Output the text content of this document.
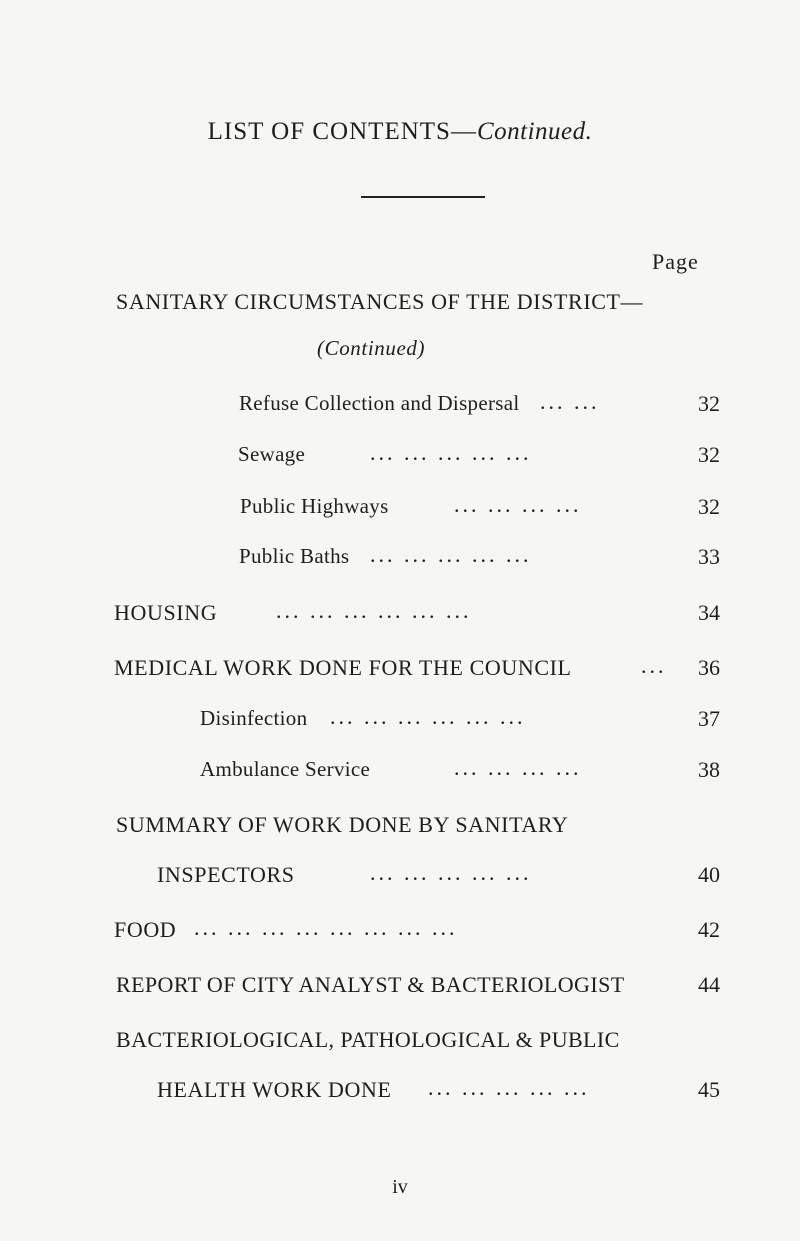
LIST OF CONTENTS—Continued.
Page
SANITARY CIRCUMSTANCES OF THE DISTRICT—
(Continued)
Refuse Collection and Dispersal ... ...	32
Sewage	... ... ... ... ...	32
Public Highways	... ... ... ...	32
Public Baths ... ... ... ... ...	33
HOUSING	... ... ... ... ... ...	34
MEDICAL WORK DONE FOR THE COUNCIL	... 36
Disinfection ... ... ... ... ... ...	37
Ambulance Service	... ... ... ...	38
SUMMARY OF WORK DONE BY SANITARY
INSPECTORS	... ... ... ... ...	40
FOOD ... ... ... ... ... ... ... ...	42
REPORT OF CITY ANALYST & BACTERIOLOGIST	44
BACTERIOLOGICAL, PATHOLOGICAL & PUBLIC
HEALTH WORK DONE ... ... ... ... ...	45
iv
